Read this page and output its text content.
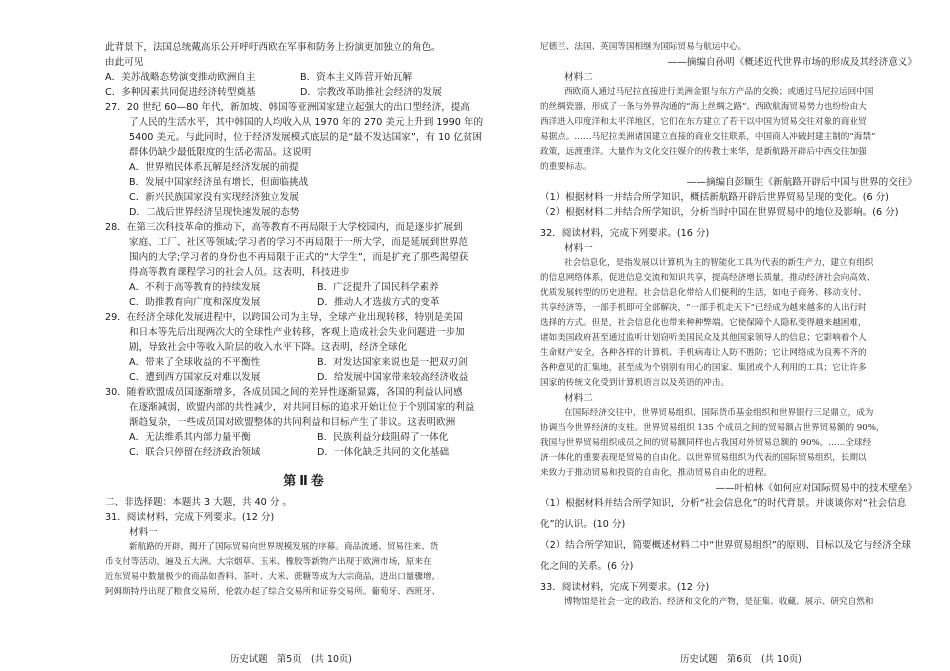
此背景下，法国总统戴高乐公开呼吁西欧在军事和防务上扮演更加独立的角色。
由此可见
A．美苏战略态势演变推动欧洲自主	B．资本主义阵营开始瓦解
C．多种因素共同促进经济转型奠基	D．宗教改革助推社会经济的发展
27．20 世纪 60—80 年代，新加坡、韩国等亚洲国家建立起强大的出口型经济，提高
了人民的生活水平，其中韩国的人均收入从 1970 年的 270 美元上升到 1990 年的
5400 美元。与此同时，位于经济发展模式底层的是“最不发达国家”，有 10 亿贫困
群体仍缺少最低限度的生活必需品。这说明
A．世界殖民体系瓦解是经济发展的前提
B．发展中国家经济虽有增长，但面临挑战
C．新兴民族国家没有实现经济独立发展
D．二战后世界经济呈现快速发展的态势
28．在第三次科技革命的推动下，高等教育不再局限于大学校园内，而是逐步扩展到
家庭、工厂、社区等领域;学习者的学习不再局限于一所大学，而是延展到世界范
围内的大学;学习者的身份也不再局限于正式的“大学生”，而是扩充了那些渴望获
得高等教育课程学习的社会人员。这表明，科技进步
A．不利于高等教育的持续发展	B．广泛提升了国民科学素养
C．助推教育向广度和深度发展	D．推动人才选拔方式的变革
29．在经济全球化发展进程中，以跨国公司为主导，全球产业出现转移，特别是美国
和日本等先后出现两次大的全球性产业转移，客观上造成社会失业问题进一步加
剧，导致社会中等收入阶层的收入水平下降。这表明，经济全球化
A．带来了全球收益的不平衡性	B．对发达国家来说也是一把双刃剑
C．遭到西方国家反对难以发展	D．给发展中国家带来较高经济收益
30．随着欧盟成员国逐渐增多，各成员国之间的差异性逐渐显露，各国的利益认同感
在逐渐减弱，欧盟内部的共性减少，对共同目标的追求开始让位于个别国家的利益
渐趋复杂，一些成员国对欧盟整体的共同利益和目标产生了非议。这表明欧洲
A．无法维系其内部力量平衡	B．民族利益分歧阻碍了一体化
C．联合只停留在经济政治领域	D．一体化缺乏共同的文化基础
第Ⅱ卷
二、非选择题：本题共 3 大题，共 40 分 。
31．阅读材料，完成下列要求。(12 分)
材料一
新航路的开辟，揭开了国际贸易向世界规模发展的序幕。商品流通、贸易往来、货
币支付等活动，遍及五大洲。大宗烟草、玉米、橡胶等新物产出现于欧洲市场，原来在
近东贸易中数量极少的商品如香料、茶叶、大米、蔗糖等成为大宗商品，进出口量骤增。
阿姆斯特丹出现了粮食交易所，伦敦办起了综合交易所和证券交易所。葡萄牙、西班牙、
尼德兰、法国、英国等国相继为国际贸易与航运中心。
——摘编自孙明《概述近代世界市场的形成及其经济意义》
材料二
西欧商人通过马尼拉直接进行美洲金银与东方产品的交换；或通过马尼拉运回中国
的丝绸瓷器，形成了一条与外界沟通的“海上丝绸之路”。西欧航海贸易势力也纷纷由大
西洋进入印度洋和太平洋地区，它们在东方建立了若干以中国为贸易交往对象的商业贸
易据点。……马尼拉美洲诸国建立直接的商业交往联系，中国商人冲破封建主制的“海禁”
政策，远渡重洋。大量作为文化交往媒介的传教士来华，是新航路开辟后中西交往加强
的重要标志。
——摘编自彭顺生《新航路开辟后中国与世界的交往》
（1）根据材料一并结合所学知识，概括新航路开辟后世界贸易呈现的变化。(6 分)
（2）根据材料二并结合所学知识，分析当时中国在世界贸易中的地位及影响。(6 分)
32．阅读材料，完成下列要求。(16 分)
材料一
社会信息化，是指发展以计算机为主的智能化工具为代表的新生产力，建立有组织
的信息网络体系，促进信息交流和知识共享，提高经济增长质量，推动经济社会向高效、
优质发展转型的历史进程。社会信息化带给人们便利的生活，如电子商务、移动支付、
共享经济等，一部手机即可全部解决，“一部手机走天下”已经成为越来越多的人出行时
选择的方式。但是，社会信息化也带来种种弊端。它使保障个人隐私变得越来越困难，
诸如美国政府甚至通过监听计划窃听美国民众及其他国家领导人的信息；它影响着个人
生命财产安全，各种各样的计算机、手机病毒让人防不胜防；它让网络成为良莠不齐的
各种意见的汇集地，甚至成为个别别有用心的国家、集团或个人利用的工具；它让许多
国家的传统文化受到计算机语言以及英语的冲击。
材料二
在国际经济交往中，世界贸易组织、国际货币基金组织和世界银行三足鼎立，成为
协调当今世界经济的支柱。世界贸易组织 135 个成员之间的贸易额占世界贸易额的 90%，
我国与世界贸易组织成员之间的贸易额同样也占我国对外贸易总额的 90%。……全球经
济一体化的重要表现是贸易的自由化。以世界贸易组织为代表的国际贸易组织，长期以
来致力于推动贸易和投资的自由化，推动贸易自由化的进程。
——叶柏林《如何应对国际贸易中的技术壁垒》
（1）根据材料并结合所学知识，分析“社会信息化”的时代背景。并谈谈你对“社会信息
化”的认识。(10 分)
（2）结合所学知识，简要概述材料二中“世界贸易组织”的原则、目标以及它与经济全球
化之间的关系。(6 分)
33．阅读材料，完成下列要求。(12 分)
博物馆是社会一定的政治、经济和文化的产物，是征集、收藏、展示、研究自然和
历史试题　第5页　(共 10页)	历史试题　第6页　(共 10页)
